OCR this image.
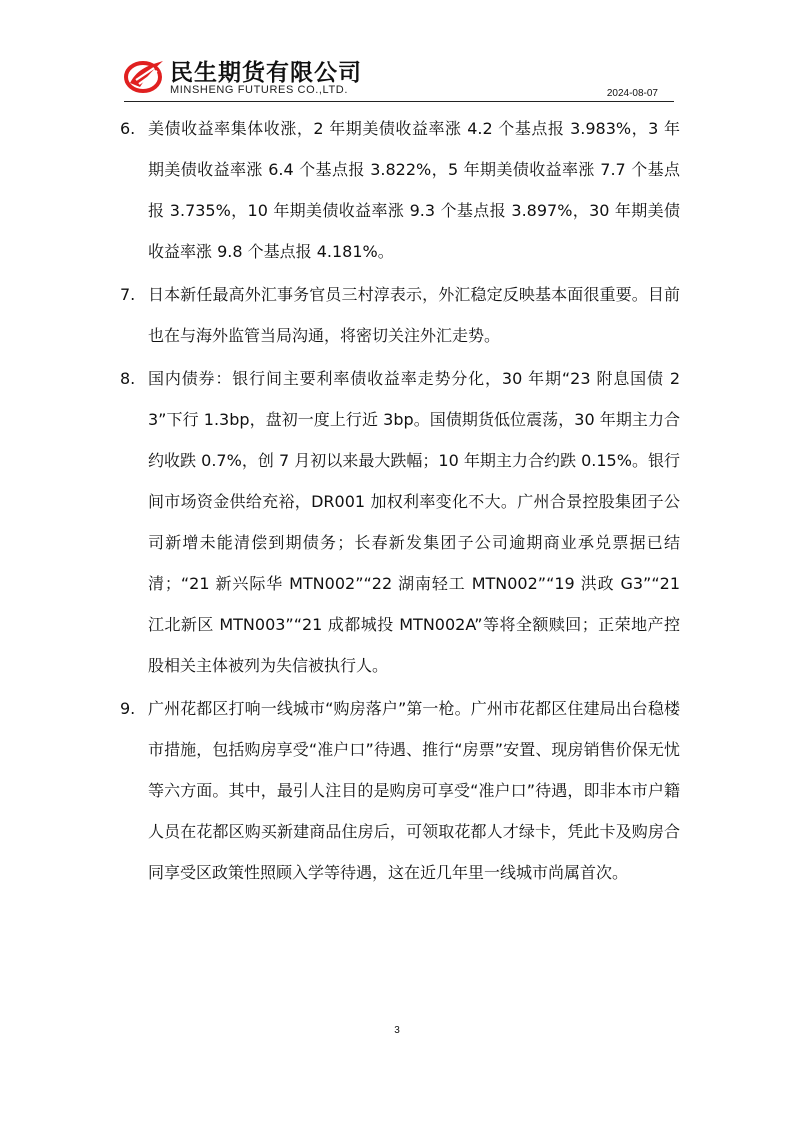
民生期货有限公司
MINSHENG FUTURES CO.,LTD.	2024-08-07
6. 美债收益率集体收涨，2 年期美债收益率涨 4.2 个基点报 3.983%，3 年期美债收益率涨 6.4 个基点报 3.822%，5 年期美债收益率涨 7.7 个基点报 3.735%，10 年期美债收益率涨 9.3 个基点报 3.897%，30 年期美债收益率涨 9.8 个基点报 4.181%。
7. 日本新任最高外汇事务官员三村淳表示，外汇稳定反映基本面很重要。目前也在与海外监管当局沟通，将密切关注外汇走势。
8. 国内债券：银行间主要利率债收益率走势分化，30 年期“23 附息国债 23”下行 1.3bp，盘初一度上行近 3bp。国债期货低位震荡，30 年期主力合约收跌 0.7%，创 7 月初以来最大跌幅；10 年期主力合约跌 0.15%。银行间市场资金供给充裕，DR001 加权利率变化不大。广州合景控股集团子公司新增未能清偿到期债务；长春新发集团子公司逾期商业承兑票据已结清；“21 新兴际华 MTN002”“22 湖南轻工 MTN002”“19 洪政 G3”“21 江北新区 MTN003”“21 成都城投 MTN002A”等将全额赎回；正荣地产控股相关主体被列为失信被执行人。
9. 广州花都区打响一线城市“购房落户”第一枪。广州市花都区住建局出台稳楼市措施，包括购房享受“准户口”待遇、推行“房票”安置、现房销售价保无忧等六方面。其中，最引人注目的是购房可享受“准户口”待遇，即非本市户籍人员在花都区购买新建商品住房后，可领取花都人才绿卡，凭此卡及购房合同享受区政策性照顾入学等待遇，这在近几年里一线城市尚属首次。
3
